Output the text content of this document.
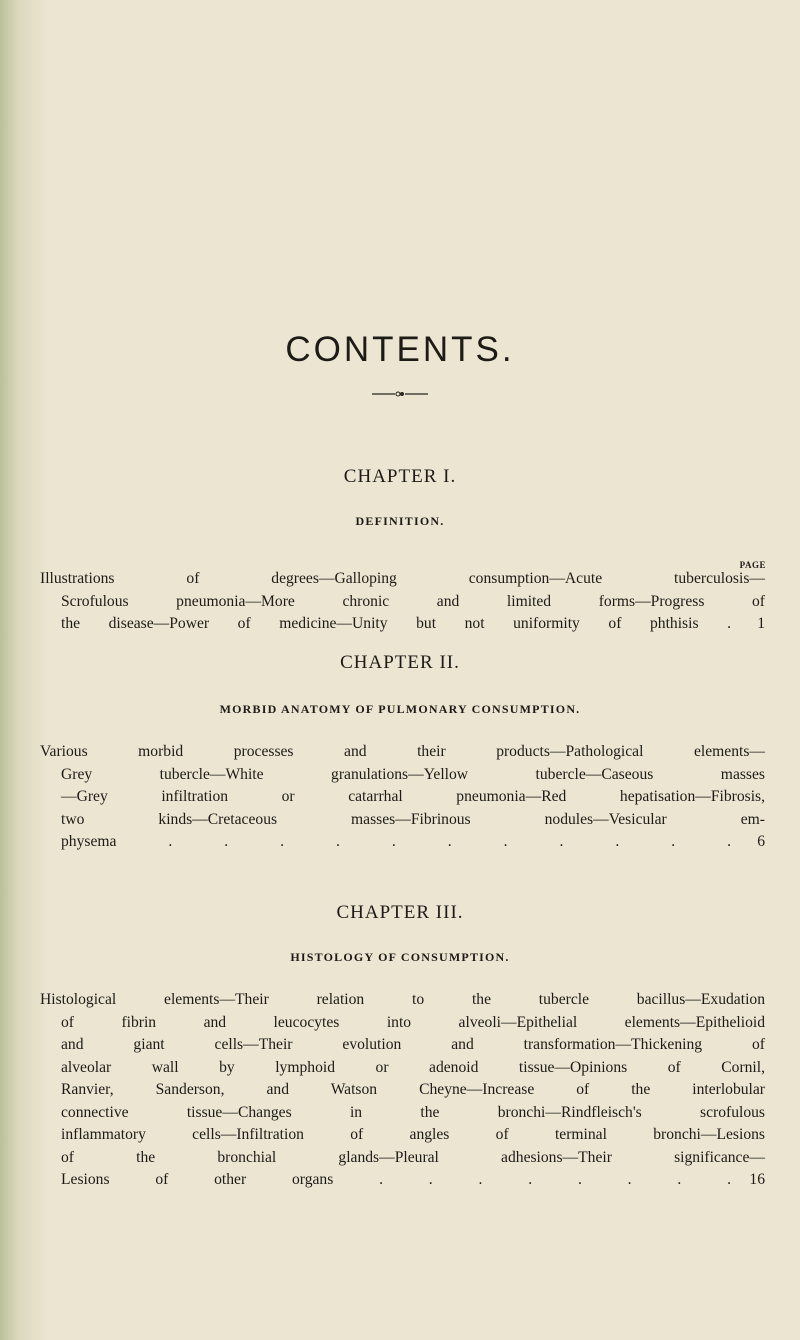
CONTENTS.
CHAPTER I.
DEFINITION.
PAGE
Illustrations of degrees—Galloping consumption—Acute tuberculosis—
Scrofulous pneumonia—More chronic and limited forms—Progress of
the disease—Power of medicine—Unity but not uniformity of phthisis . 1
CHAPTER II.
MORBID ANATOMY OF PULMONARY CONSUMPTION.
Various morbid processes and their products—Pathological elements—
Grey tubercle—White granulations—Yellow tubercle—Caseous masses
—Grey infiltration or catarrhal pneumonia—Red hepatisation—Fibrosis,
two kinds—Cretaceous masses—Fibrinous nodules—Vesicular em-
physema . . . . . . . . . . . 6
CHAPTER III.
HISTOLOGY OF CONSUMPTION.
Histological elements—Their relation to the tubercle bacillus—Exudation
of fibrin and leucocytes into alveoli—Epithelial elements—Epithelioid
and giant cells—Their evolution and transformation—Thickening of
alveolar wall by lymphoid or adenoid tissue—Opinions of Cornil,
Ranvier, Sanderson, and Watson Cheyne—Increase of the interlobular
connective tissue—Changes in the bronchi—Rindfleisch's scrofulous
inflammatory cells—Infiltration of angles of terminal bronchi—Lesions
of the bronchial glands—Pleural adhesions—Their significance—
Lesions of other organs . . . . . . . . 16
